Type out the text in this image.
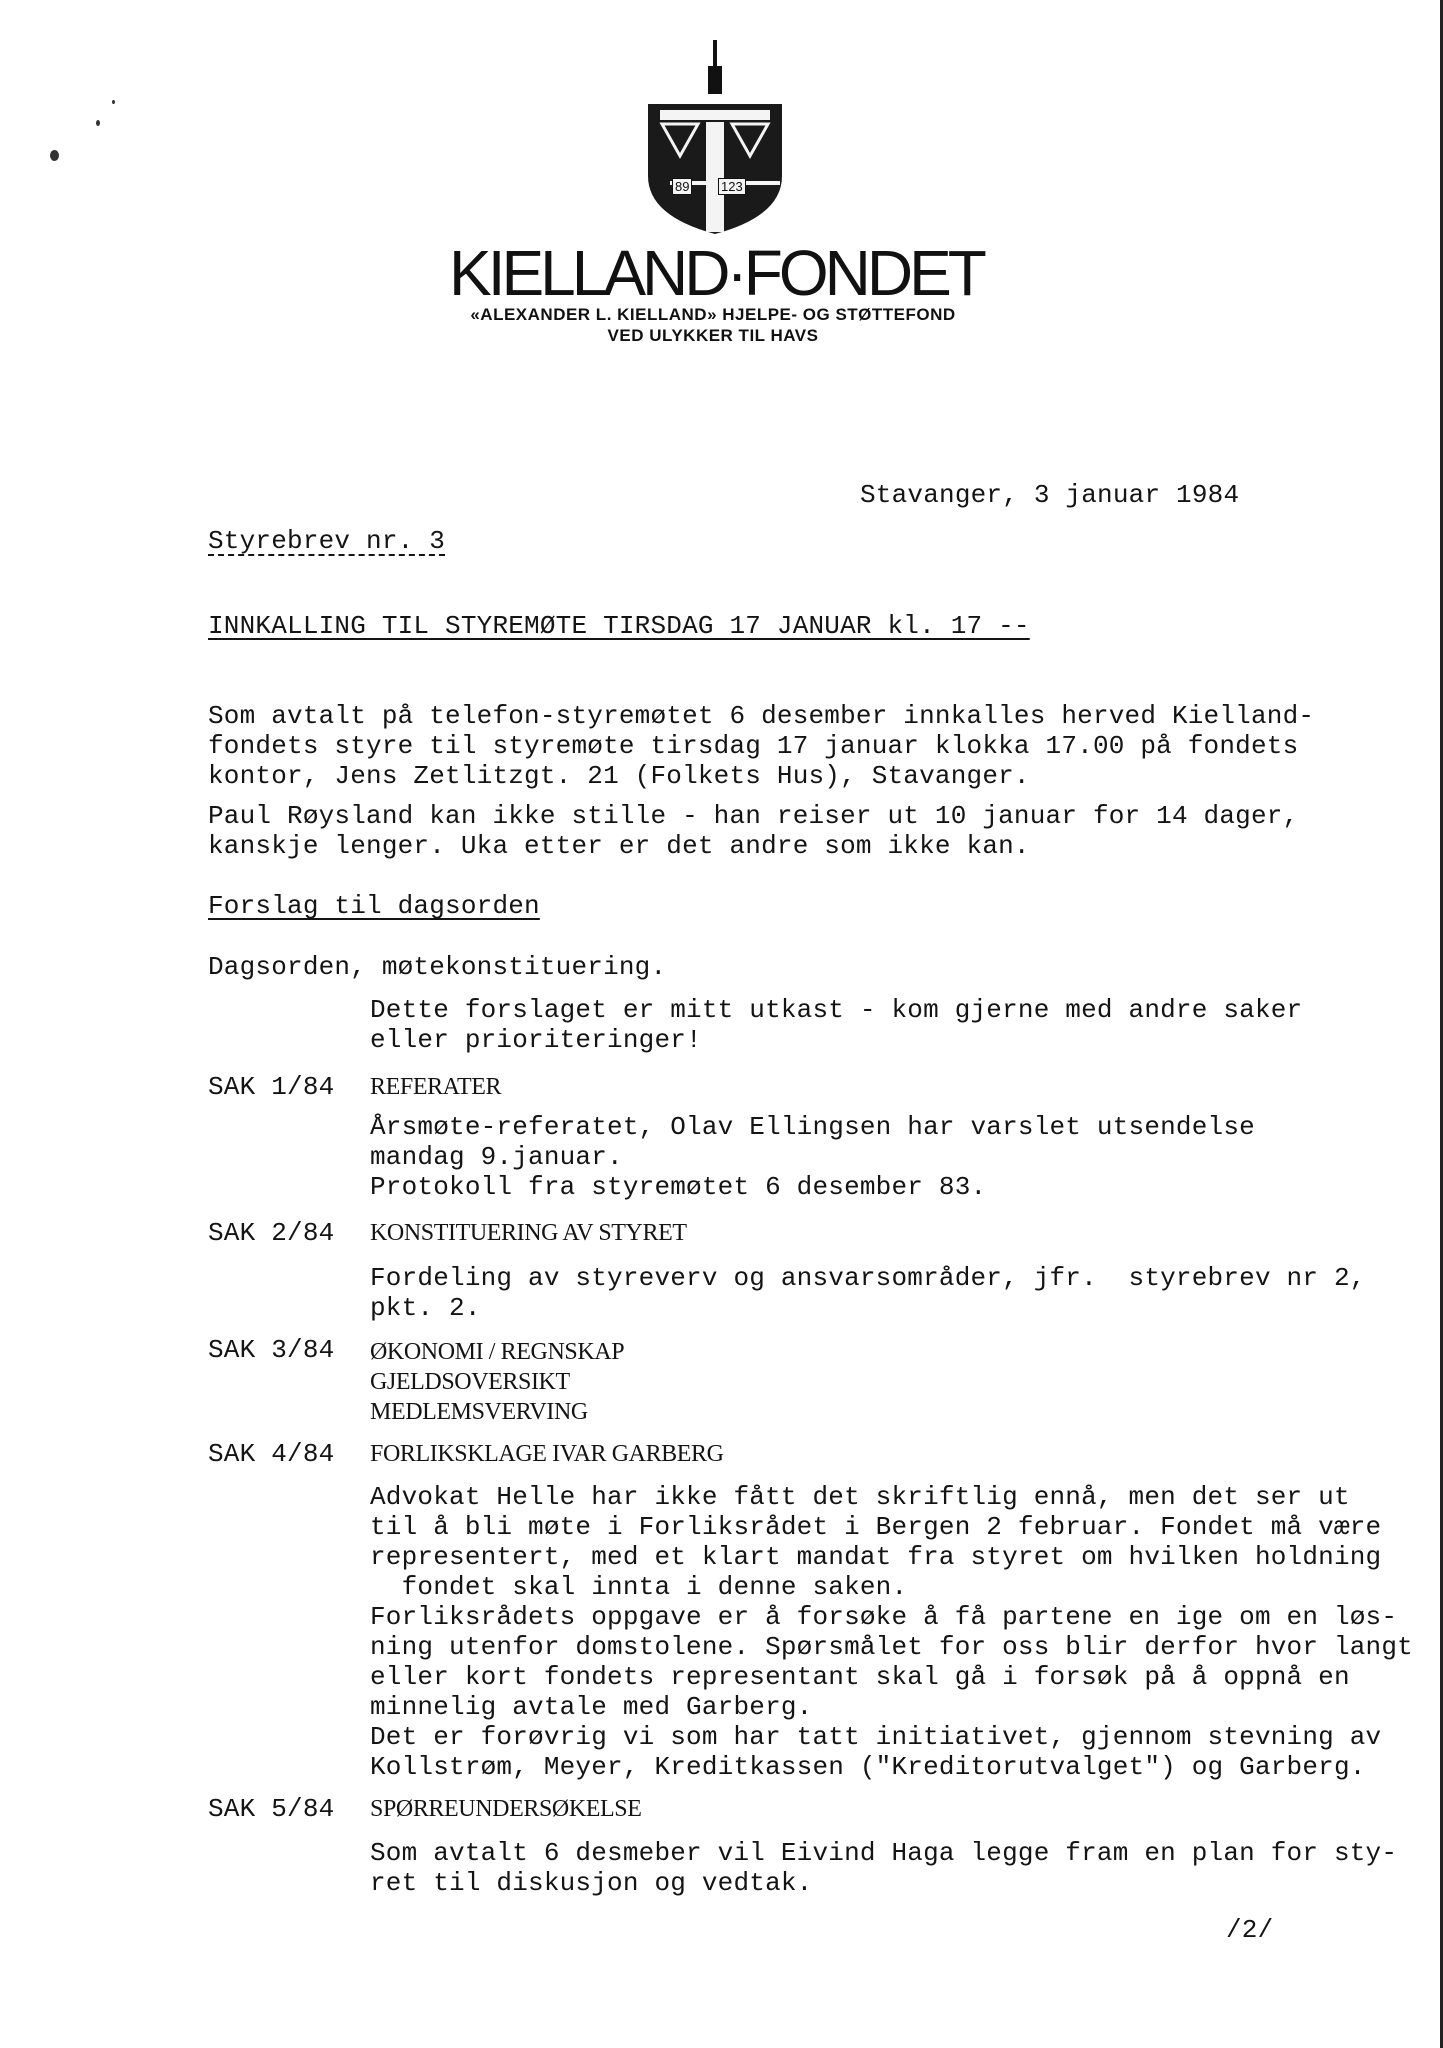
89 123
KIELLAND·FONDET
«ALEXANDER L. KIELLAND» HJELPE- OG STØTTEFOND
VED ULYKKER TIL HAVS
Stavanger, 3 januar 1984
Styrebrev nr. 3
INNKALLING TIL STYREMØTE TIRSDAG 17 JANUAR kl. 17 --
Som avtalt på telefon-styremøtet 6 desember innkalles herved Kielland-
fondets styre til styremøte tirsdag 17 januar klokka 17.00 på fondets
kontor, Jens Zetlitzgt. 21 (Folkets Hus), Stavanger.
Paul Røysland kan ikke stille - han reiser ut 10 januar for 14 dager,
kanskje lenger. Uka etter er det andre som ikke kan.
Forslag til dagsorden
Dagsorden, møtekonstituering.
Dette forslaget er mitt utkast - kom gjerne med andre saker
eller prioriteringer!
SAK 1/84 REFERATER
Årsmøte-referatet, Olav Ellingsen har varslet utsendelse
mandag 9.januar.
Protokoll fra styremøtet 6 desember 83.
SAK 2/84 KONSTITUERING AV STYRET
Fordeling av styreverv og ansvarsområder, jfr.  styrebrev nr 2,
pkt. 2.
SAK 3/84 ØKONOMI / REGNSKAP
GJELDSOVERSIKT
MEDLEMSVERVING
SAK 4/84 FORLIKSKLAGE IVAR GARBERG
Advokat Helle har ikke fått det skriftlig ennå, men det ser ut
til å bli møte i Forliksrådet i Bergen 2 februar. Fondet må være
representert, med et klart mandat fra styret om hvilken holdning
fondet skal innta i denne saken.
Forliksrådets oppgave er å forsøke å få partene en ige om en løs-
ning utenfor domstolene. Spørsmålet for oss blir derfor hvor langt
eller kort fondets representant skal gå i forsøk på å oppnå en
minnelig avtale med Garberg.
Det er forøvrig vi som har tatt initiativet, gjennom stevning av
Kollstrøm, Meyer, Kreditkassen ("Kreditorutvalget") og Garberg.
SAK 5/84 SPØRREUNDERSØKELSE
Som avtalt 6 desmeber vil Eivind Haga legge fram en plan for sty-
ret til diskusjon og vedtak.
/2/
